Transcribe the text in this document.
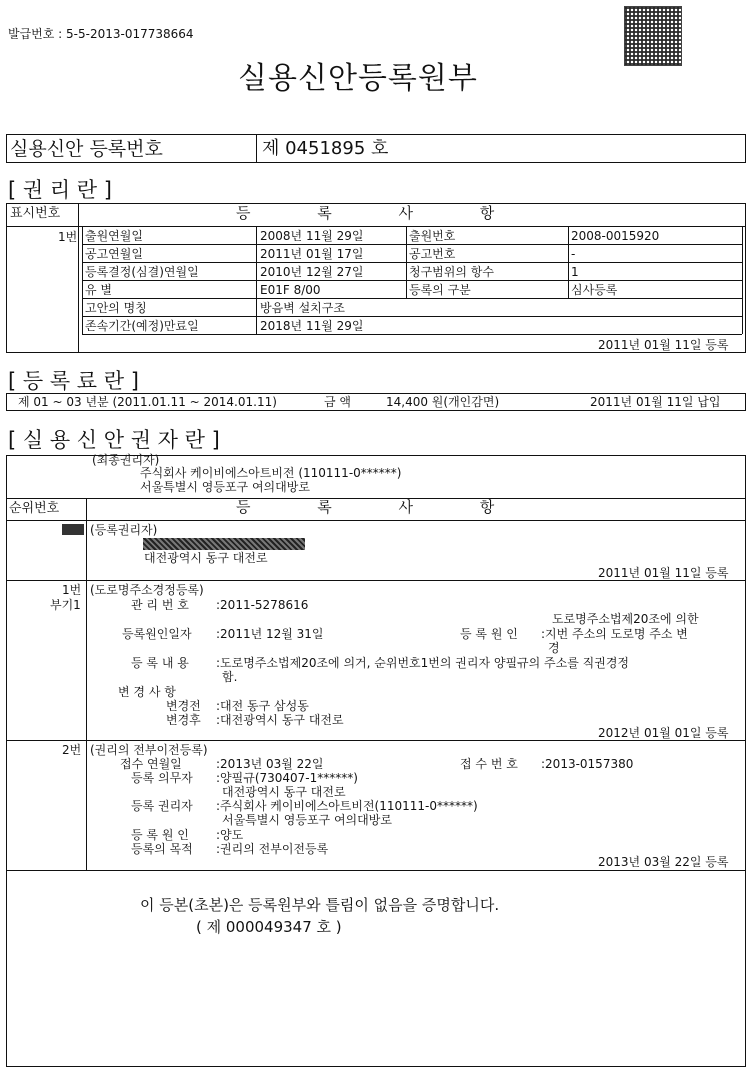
발급번호 : 5-5-2013-017738664
실용신안등록원부
실용신안 등록번호	제 0451895 호
[ 권 리 란 ]
표시번호	등 록 사 항
1번 출원연월일	2008년 11월 29일	출원번호	2008-0015920
공고연월일	2011년 01월 17일	공고번호	-
등록결정(심결)연월일	2010년 12월 27일	청구범위의 항수	1
유 별	E01F 8/00	등록의 구분	심사등록
고안의 명칭	방음벽 설치구조
존속기간(예정)만료일	2018년 11월 29일
2011년 01월 11일 등록
[ 등 록 료 란 ]
제 01 ~ 03 년분 (2011.01.11 ~ 2014.01.11)	금 액	14,400 원(개인감면)	2011년 01월 11일 납입
[ 실 용 신 안 권 자 란 ]
(최종권리자)
주식회사 케이비에스아트비전 (110111-0******)
서울특별시 영등포구 여의대방로
순위번호	등 록 사 항
(등록권리자)
대전광역시 동구 대전로
2011년 01월 11일 등록
1번
부기1
(도로명주소경정등록)
관 리 번 호 :2011-5278616
도로명주소법제20조에 의한
등록원인일자 :2011년 12월 31일	등 록 원 인 :지번 주소의 도로명 주소 변
경
등 록 내 용 :도로명주소법제20조에 의거, 순위번호1번의 권리자 양필규의 주소를 직권경정
함.
변 경 사 항
변경전 :대전 동구 삼성동
변경후 :대전광역시 동구 대전로
2012년 01월 01일 등록
2번 (권리의 전부이전등록)
접수 연월일	:2013년 03월 22일	접 수 번 호 :2013-0157380
등록 의무자 :양필규(730407-1******)
대전광역시 동구 대전로
등록 권리자 :주식회사 케이비에스아트비전(110111-0******)
서울특별시 영등포구 여의대방로
등 록 원 인 :양도
등록의 목적 :권리의 전부이전등록
2013년 03월 22일 등록
이 등본(초본)은 등록원부와 틀림이 없음을 증명합니다.
( 제 000049347 호 )
